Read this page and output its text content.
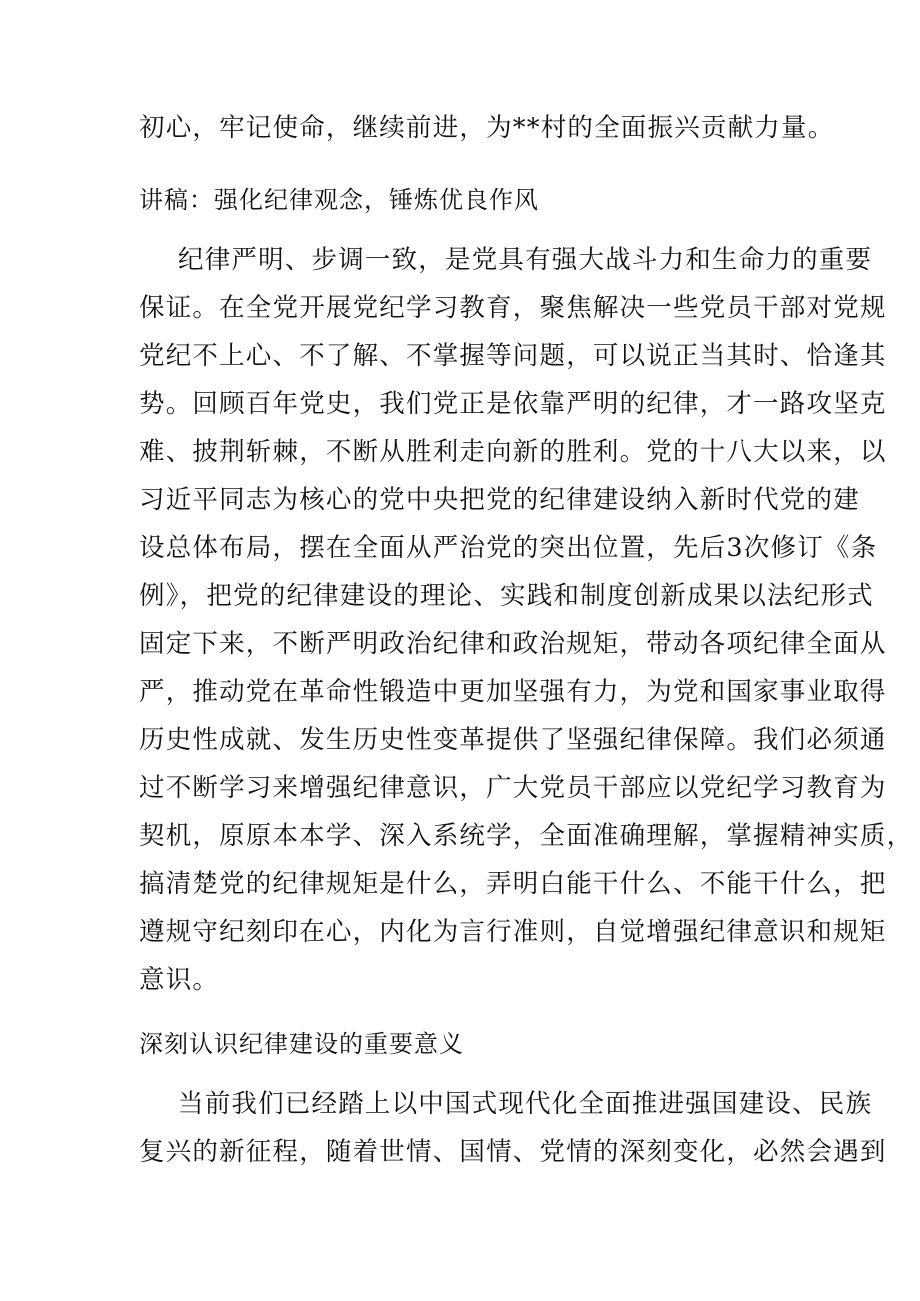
初心，牢记使命，继续前进，为**村的全面振兴贡献力量。
讲稿：强化纪律观念，锤炼优良作风
纪律严明、步调一致，是党具有强大战斗力和生命力的重要
保证。在全党开展党纪学习教育，聚焦解决一些党员干部对党规
党纪不上心、不了解、不掌握等问题，可以说正当其时、恰逢其
势。回顾百年党史，我们党正是依靠严明的纪律，才一路攻坚克
难、披荆斩棘，不断从胜利走向新的胜利。党的十八大以来，以
习近平同志为核心的党中央把党的纪律建设纳入新时代党的建
设总体布局，摆在全面从严治党的突出位置，先后3次修订《条
例》，把党的纪律建设的理论、实践和制度创新成果以法纪形式
固定下来，不断严明政治纪律和政治规矩，带动各项纪律全面从
严，推动党在革命性锻造中更加坚强有力，为党和国家事业取得
历史性成就、发生历史性变革提供了坚强纪律保障。我们必须通
过不断学习来增强纪律意识，广大党员干部应以党纪学习教育为
契机，原原本本学、深入系统学，全面准确理解，掌握精神实质，
搞清楚党的纪律规矩是什么，弄明白能干什么、不能干什么，把
遵规守纪刻印在心，内化为言行准则，自觉增强纪律意识和规矩
意识。
深刻认识纪律建设的重要意义
当前我们已经踏上以中国式现代化全面推进强国建设、民族
复兴的新征程，随着世情、国情、党情的深刻变化，必然会遇到
